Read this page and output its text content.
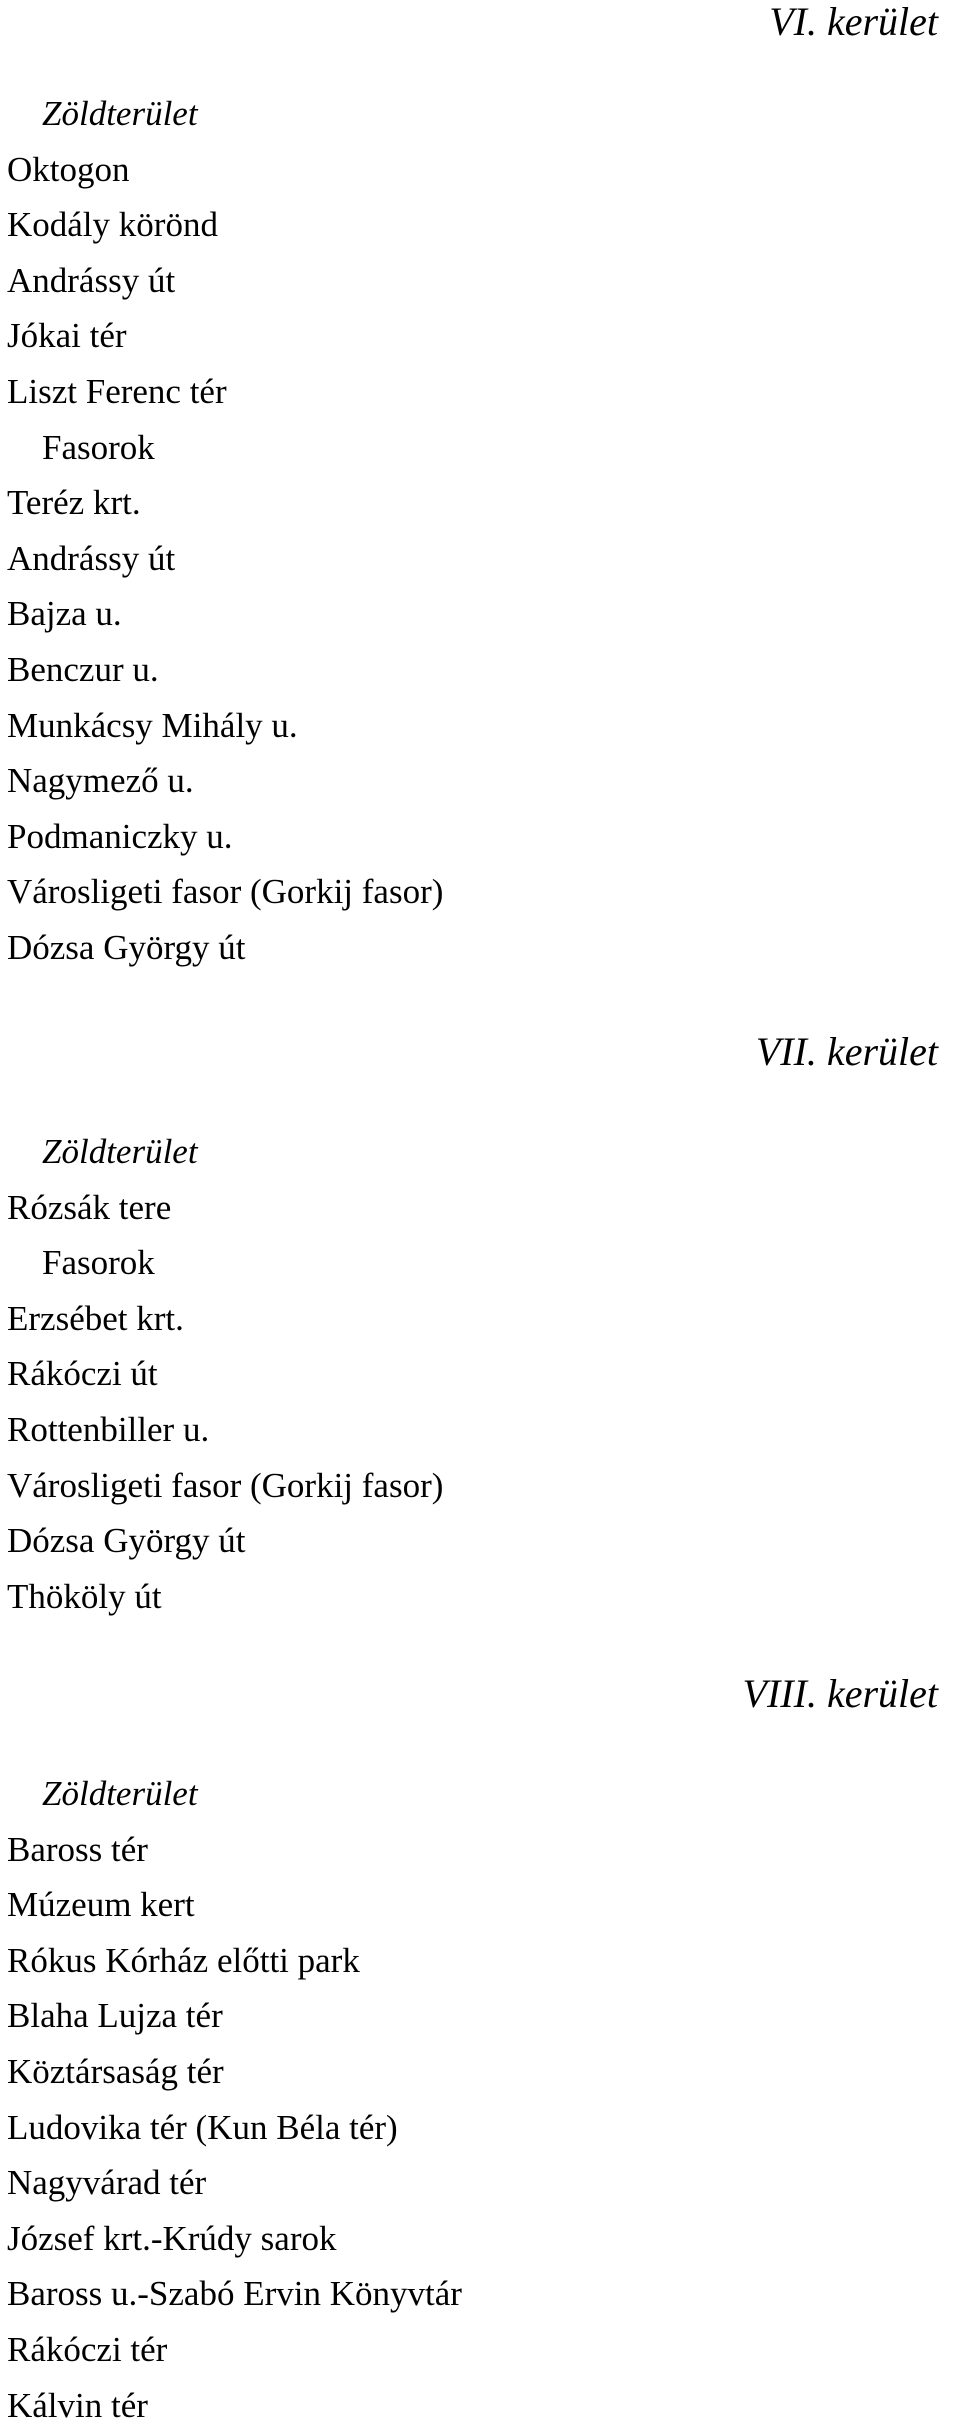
VI. kerület
Zöldterület
Oktogon
Kodály körönd
Andrássy út
Jókai tér
Liszt Ferenc tér
Fasorok
Teréz krt.
Andrássy út
Bajza u.
Benczur u.
Munkácsy Mihály u.
Nagymező u.
Podmaniczky u.
Városligeti fasor (Gorkij fasor)
Dózsa György út
VII. kerület
Zöldterület
Rózsák tere
Fasorok
Erzsébet krt.
Rákóczi út
Rottenbiller u.
Városligeti fasor (Gorkij fasor)
Dózsa György út
Thököly út
VIII. kerület
Zöldterület
Baross tér
Múzeum kert
Rókus Kórház előtti park
Blaha Lujza tér
Köztársaság tér
Ludovika tér (Kun Béla tér)
Nagyvárad tér
József krt.-Krúdy sarok
Baross u.-Szabó Ervin Könyvtár
Rákóczi tér
Kálvin tér
